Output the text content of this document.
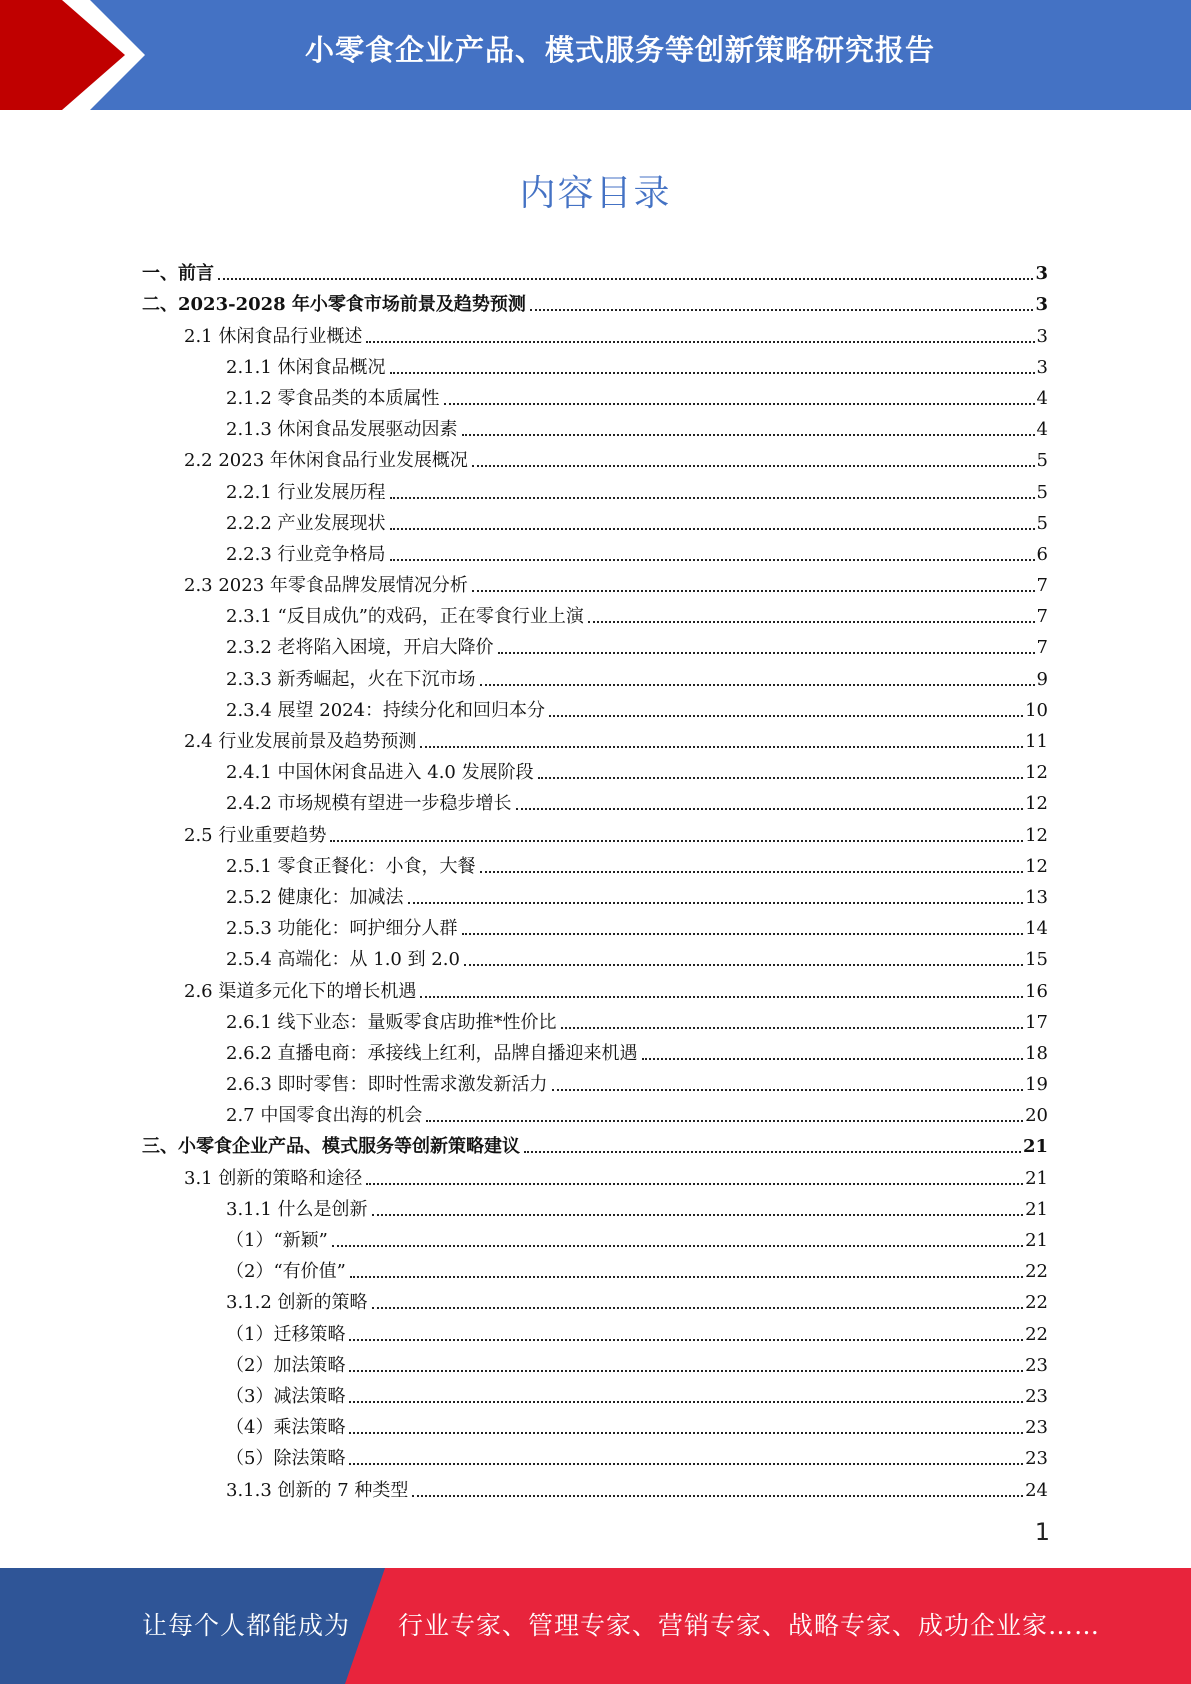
小零食企业产品、模式服务等创新策略研究报告
内容目录
一、前言	3
二、2023-2028 年小零食市场前景及趋势预测	3
2.1 休闲食品行业概述	3
2.1.1 休闲食品概况	3
2.1.2 零食品类的本质属性	4
2.1.3 休闲食品发展驱动因素	4
2.2 2023 年休闲食品行业发展概况	5
2.2.1 行业发展历程	5
2.2.2 产业发展现状	5
2.2.3 行业竞争格局	6
2.3 2023 年零食品牌发展情况分析	7
2.3.1 “反目成仇”的戏码，正在零食行业上演	7
2.3.2 老将陷入困境，开启大降价	7
2.3.3 新秀崛起，火在下沉市场	9
2.3.4 展望 2024：持续分化和回归本分	10
2.4 行业发展前景及趋势预测	11
2.4.1 中国休闲食品进入 4.0 发展阶段	12
2.4.2 市场规模有望进一步稳步增长	12
2.5 行业重要趋势	12
2.5.1 零食正餐化：小食，大餐	12
2.5.2 健康化：加减法	13
2.5.3 功能化：呵护细分人群	14
2.5.4 高端化：从 1.0 到 2.0	15
2.6 渠道多元化下的增长机遇	16
2.6.1 线下业态：量贩零食店助推*性价比	17
2.6.2 直播电商：承接线上红利，品牌自播迎来机遇	18
2.6.3 即时零售：即时性需求激发新活力	19
2.7 中国零食出海的机会	20
三、小零食企业产品、模式服务等创新策略建议	21
3.1 创新的策略和途径	21
3.1.1 什么是创新	21
（1）“新颖”	21
（2）“有价值”	22
3.1.2 创新的策略	22
（1）迁移策略	22
（2）加法策略	23
（3）减法策略	23
（4）乘法策略	23
（5）除法策略	23
3.1.3 创新的 7 种类型	24
1
让每个人都能成为 行业专家、管理专家、营销专家、战略专家、成功企业家……
